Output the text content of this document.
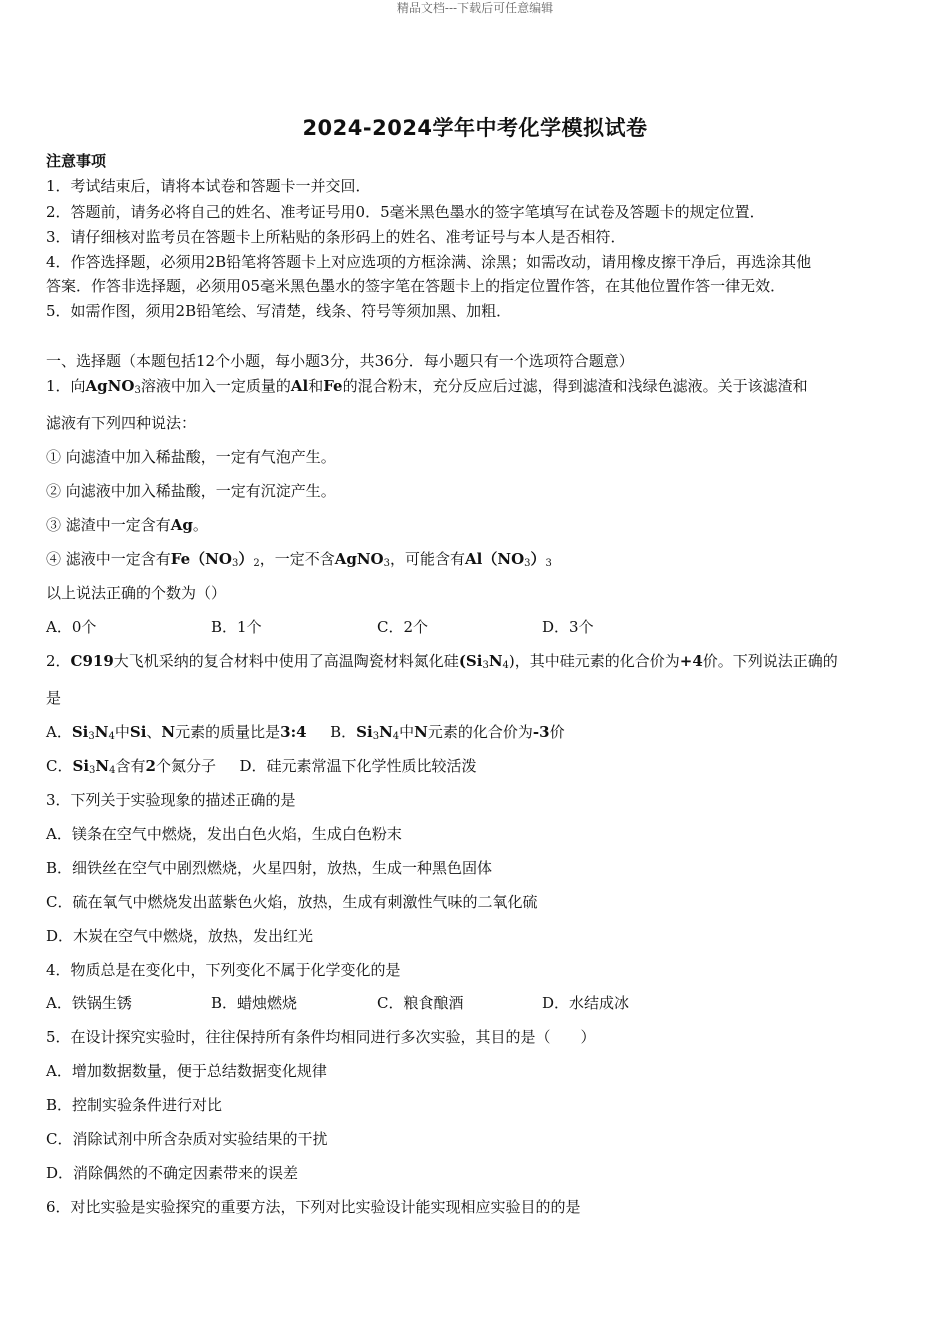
精品文档---下载后可任意编辑
2024-2024学年中考化学模拟试卷
注意事项
1．考试结束后，请将本试卷和答题卡一并交回．
2．答题前，请务必将自己的姓名、准考证号用0．5毫米黑色墨水的签字笔填写在试卷及答题卡的规定位置．
3．请仔细核对监考员在答题卡上所粘贴的条形码上的姓名、准考证号与本人是否相符．
4．作答选择题，必须用2B铅笔将答题卡上对应选项的方框涂满、涂黑；如需改动，请用橡皮擦干净后，再选涂其他
答案．作答非选择题，必须用05毫米黑色墨水的签字笔在答题卡上的指定位置作答，在其他位置作答一律无效．
5．如需作图，须用2B铅笔绘、写清楚，线条、符号等须加黑、加粗．
一、选择题（本题包括12个小题，每小题3分，共36分．每小题只有一个选项符合题意）
1．向AgNO$_3$溶液中加入一定质量的Al和Fe的混合粉末，充分反应后过滤，得到滤渣和浅绿色滤液。关于该滤渣和
滤液有下列四种说法：
① 向滤渣中加入稀盐酸，一定有气泡产生。
② 向滤液中加入稀盐酸，一定有沉淀产生。
③ 滤渣中一定含有Ag。
④ 滤液中一定含有$Fe(NO_3)_2$，一定不含AgNO$_3$，可能含有$Al(NO_3)_3$
以上说法正确的个数为（）
A．0个	B．1个	C．2个	D．3个
2．C919大飞机采纳的复合材料中使用了高温陶瓷材料氮化硅$(Si_3N_4)$，其中硅元素的化合价为+4价。下列说法正确的
是
A．$Si_3N_4$中Si、N元素的质量比是3:4 B．$Si_3N_4$中N元素的化合价为-3价
C．$Si_3N_4$含有2个氮分子 D．硅元素常温下化学性质比较活泼
3．下列关于实验现象的描述正确的是
A．镁条在空气中燃烧，发出白色火焰，生成白色粉末
B．细铁丝在空气中剧烈燃烧，火星四射，放热，生成一种黑色固体
C．硫在氧气中燃烧发出蓝紫色火焰，放热，生成有刺激性气味的二氧化硫
D．木炭在空气中燃烧，放热，发出红光
4．物质总是在变化中，下列变化不属于化学变化的是
A．铁锅生锈	B．蜡烛燃烧	C．粮食酿酒	D．水结成冰
5．在设计探究实验时，往往保持所有条件均相同进行多次实验，其目的是（　　）
A．增加数据数量，便于总结数据变化规律
B．控制实验条件进行对比
C．消除试剂中所含杂质对实验结果的干扰
D．消除偶然的不确定因素带来的误差
6．对比实验是实验探究的重要方法，下列对比实验设计能实现相应实验目的的是
